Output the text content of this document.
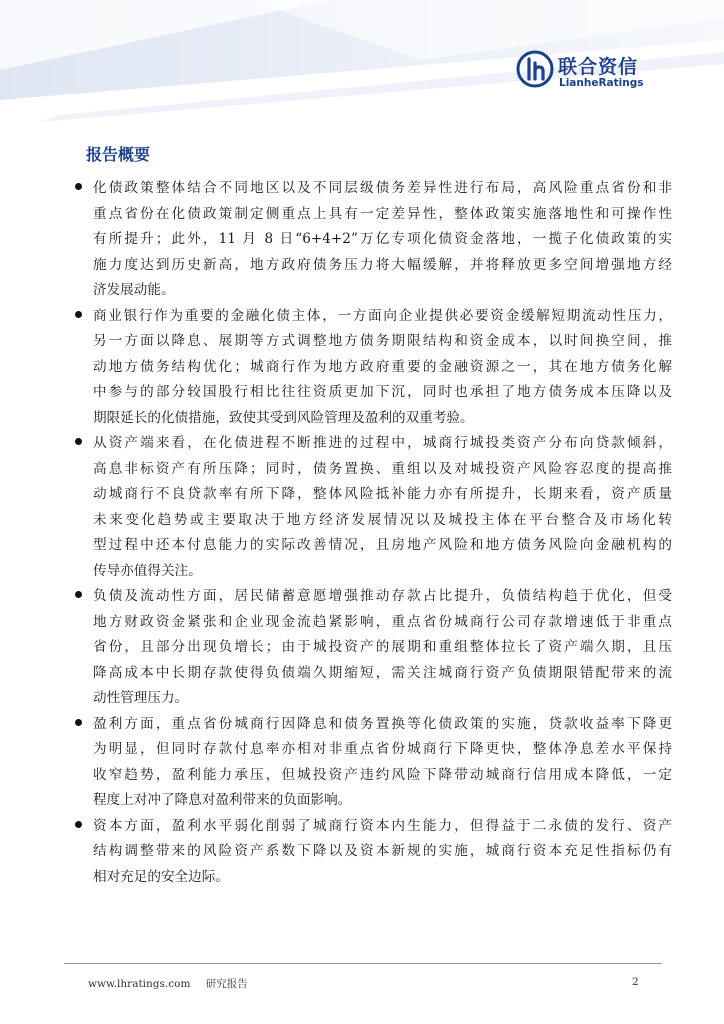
联合资信
LianheRatings
报告概要
化债政策整体结合不同地区以及不同层级债务差异性进行布局，高风险重点省份和非
重点省份在化债政策制定侧重点上具有一定差异性，整体政策实施落地性和可操作性
有所提升；此外，11 月 8 日“6+4+2”万亿专项化债资金落地，一揽子化债政策的实
施力度达到历史新高，地方政府债务压力将大幅缓解，并将释放更多空间增强地方经
济发展动能。
商业银行作为重要的金融化债主体，一方面向企业提供必要资金缓解短期流动性压力，
另一方面以降息、展期等方式调整地方债务期限结构和资金成本，以时间换空间，推
动地方债务结构优化；城商行作为地方政府重要的金融资源之一，其在地方债务化解
中参与的部分较国股行相比往往资质更加下沉，同时也承担了地方债务成本压降以及
期限延长的化债措施，致使其受到风险管理及盈利的双重考验。
从资产端来看，在化债进程不断推进的过程中，城商行城投类资产分布向贷款倾斜，
高息非标资产有所压降；同时，债务置换、重组以及对城投资产风险容忍度的提高推
动城商行不良贷款率有所下降，整体风险抵补能力亦有所提升，长期来看，资产质量
未来变化趋势或主要取决于地方经济发展情况以及城投主体在平台整合及市场化转
型过程中还本付息能力的实际改善情况，且房地产风险和地方债务风险向金融机构的
传导亦值得关注。
负债及流动性方面，居民储蓄意愿增强推动存款占比提升，负债结构趋于优化，但受
地方财政资金紧张和企业现金流趋紧影响，重点省份城商行公司存款增速低于非重点
省份，且部分出现负增长；由于城投资产的展期和重组整体拉长了资产端久期，且压
降高成本中长期存款使得负债端久期缩短，需关注城商行资产负债期限错配带来的流
动性管理压力。
盈利方面，重点省份城商行因降息和债务置换等化债政策的实施，贷款收益率下降更
为明显，但同时存款付息率亦相对非重点省份城商行下降更快，整体净息差水平保持
收窄趋势，盈利能力承压，但城投资产违约风险下降带动城商行信用成本降低，一定
程度上对冲了降息对盈利带来的负面影响。
资本方面，盈利水平弱化削弱了城商行资本内生能力，但得益于二永债的发行、资产
结构调整带来的风险资产系数下降以及资本新规的实施，城商行资本充足性指标仍有
相对充足的安全边际。
www.lhratings.com 研究报告	2
